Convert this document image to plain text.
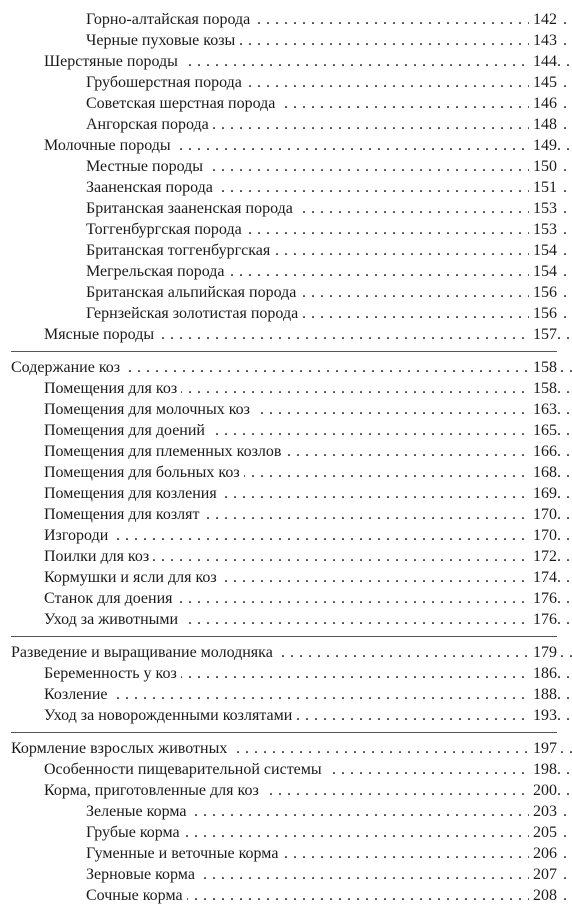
. . .
Горно-алтайская порода	142
. . .
Черные пуховые козы	143
. . .
Шерстяные породы	144
. . .
Грубошерстная порода	145
. . .
Советская шерстная порода	146
. . .
Ангорская порода	148
. . .
Молочные породы	149
. . .
Местные породы	150
. . .
Зааненская порода	151
. . .
Британская зааненская порода	153
. . .
Тоггенбургская порода	153
. . .
Британская тоггенбургская	154
. . .
Мегрельская порода	154
. . .
Британская альпийская порода	156
. . .
Гернзейская золотистая порода	156
. . .
Мясные породы	157
. . .
Содержание коз	158
. . .
Помещения для коз	158
. . .
Помещения для молочных коз	163
. . .
Помещения для доений	165
. . .
Помещения для племенных козлов	166
. . .
Помещения для больных коз	168
. . .
Помещения для козления	169
. . .
Помещения для козлят	170
. . .
Изгороди	170
. . .
Поилки для коз	172
. . .
Кормушки и ясли для коз	174
. . .
Станок для доения	176
. . .
Уход за животными	176
. . .
Разведение и выращивание молодняка	179
. . .
Беременность у коз	186
. . .
Козление	188
. . .
Уход за новорожденными козлятами	193
. . .
Кормление взрослых животных	197
. . .
Особенности пищеварительной системы	198
. . .
Корма, приготовленные для коз	200
. . .
Зеленые корма	203
. . .
Грубые корма	205
. . .
Гуменные и веточные корма	206
. . .
Зерновые корма	207
. . .
Сочные корма	208
